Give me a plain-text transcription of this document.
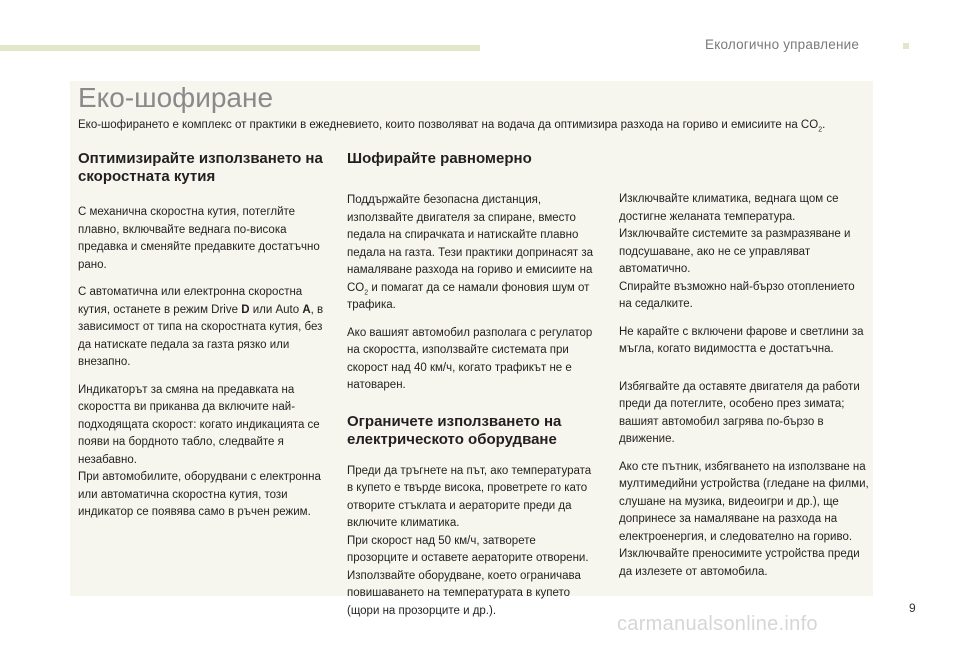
Екологично управление
Еко-шофиране
Еко-шофирането е комплекс от практики в ежедневието, които позволяват на водача да оптимизира разхода на гориво и емисиите на $CO_2$.
Оптимизирайте използването на скоростната кутия

С механична скоростна кутия, потеглйте плавно, включвайте веднага по-висока предавка и сменяйте предавките достатъчно рано.

С автоматична или електронна скоростна кутия, останете в режим Drive D или Auto A, в зависимост от типа на скоростната кутия, без да натискате педала за газта рязко или внезапно.

Индикаторът за смяна на предавката на скоростта ви приканва да включите най-подходящата скорост: когато индикацията се появи на бордното табло, следвайте я незабавно.

При автомобилите, оборудвани с електронна или автоматична скоростна кутия, този индикатор се появява само в ръчен режим.

Шофирайте равномерно

Поддържайте безопасна дистанция, използвайте двигателя за спиране, вместо педала на спирачката и натискайте плавно педала на газта. Тези практики допринасят за намаляване разхода на гориво и емисиите на $CO_2$ и помагат да се намали фоновия шум от трафика.

Ако вашият автомобил разполага с регулатор на скоростта, използвайте системата при скорост над 40 км/ч, когато трафикът не е натоварен.

Ограничете използването на електрическото оборудване

Преди да тръгнете на път, ако температурата в купето е твърде висока, проветрете го като отворите стъклата и аераторите преди да включите климатика.

При скорост над 50 км/ч, затворете прозорците и оставете аераторите отворени.

Използвайте оборудване, което ограничава повишаването на температурата в купето (щори на прозорците и др.).

Изключвайте климатика, веднага щом се достигне желаната температура.

Изключвайте системите за размразяване и подсушаване, ако не се управляват автоматично.

Спирайте възможно най-бързо отоплението на седалките.

Не карайте с включени фарове и светлини за мъгла, когато видимостта е достатъчна.

Избягвайте да оставяте двигателя да работи преди да потеглите, особено през зимата; вашият автомобил загрява по-бързо в движение.

Ако сте пътник, избягването на използване на мултимедийни устройства (гледане на филми, слушане на музика, видеоигри и др.), ще допринесе за намаляване на разхода на електроенергия, и следователно на гориво.

Изключвайте преносимите устройства преди да излезете от автомобила.

9
carmanualsonline.info
